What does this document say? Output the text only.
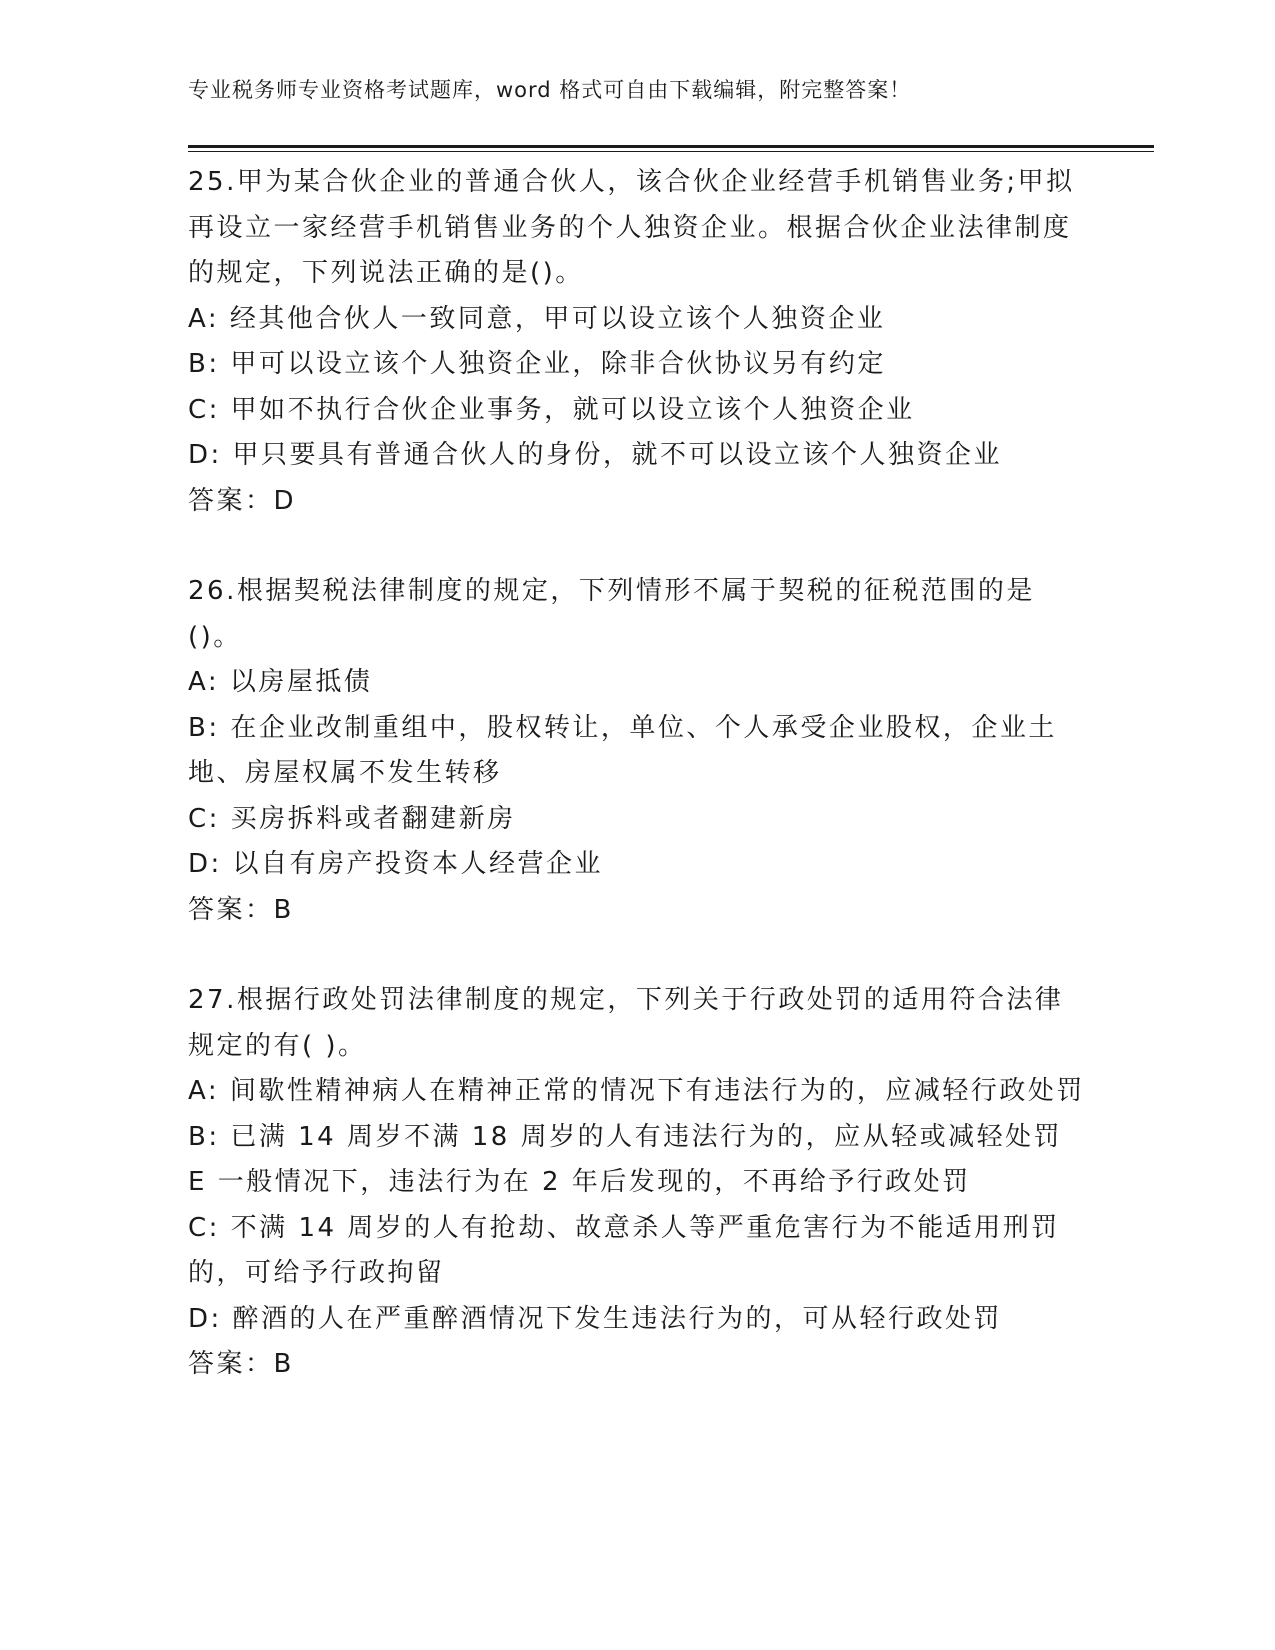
专业税务师专业资格考试题库，word 格式可自由下载编辑，附完整答案！

25.甲为某合伙企业的普通合伙人，该合伙企业经营手机销售业务;甲拟再设立一家经营手机销售业务的个人独资企业。根据合伙企业法律制度的规定，下列说法正确的是()。

A: 经其他合伙人一致同意，甲可以设立该个人独资企业

B: 甲可以设立该个人独资企业，除非合伙协议另有约定

C: 甲如不执行合伙企业事务，就可以设立该个人独资企业

D: 甲只要具有普通合伙人的身份，就不可以设立该个人独资企业

答案：D

26.根据契税法律制度的规定，下列情形不属于契税的征税范围的是()。

A: 以房屋抵债

B: 在企业改制重组中，股权转让，单位、个人承受企业股权，企业土地、房屋权属不发生转移

C: 买房拆料或者翻建新房

D: 以自有房产投资本人经营企业

答案：B

27.根据行政处罚法律制度的规定，下列关于行政处罚的适用符合法律规定的有( )。

A: 间歇性精神病人在精神正常的情况下有违法行为的，应减轻行政处罚

B: 已满 14 周岁不满 18 周岁的人有违法行为的，应从轻或减轻处罚 E 一般情况下，违法行为在 2 年后发现的，不再给予行政处罚

C: 不满 14 周岁的人有抢劫、故意杀人等严重危害行为不能适用刑罚的，可给予行政拘留

D: 醉酒的人在严重醉酒情况下发生违法行为的，可从轻行政处罚

答案：B
